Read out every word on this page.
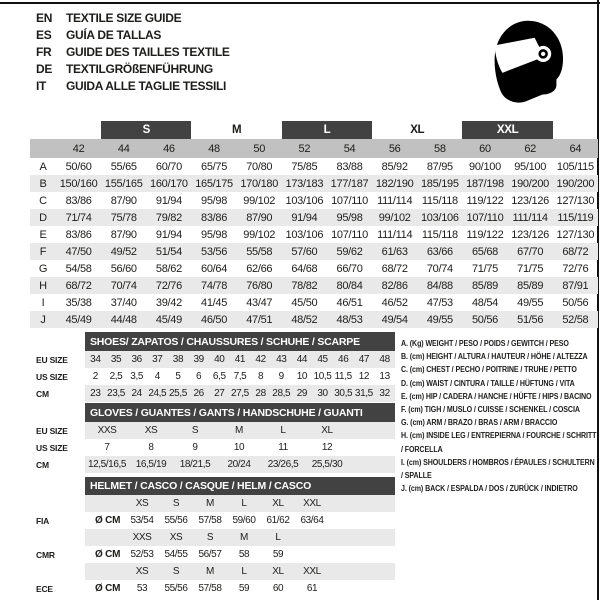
EN	TEXTILE SIZE GUIDE
ES	GUÍA DE TALLAS
FR	GUIDE DES TAILLES TEXTILE
DE	TEXTILGRÖßENFÜHRUNG
IT	GUIDA ALLE TAGLIE TESSILI
		S		M		L		XL		XXL		
	42	44	46	48	50	52	54	56	58	60	62	64
A	50/60	55/65	60/70	65/75	70/80	75/85	83/88	85/92	87/95	90/100	95/100	105/115
B	150/160	155/165	160/170	165/175	170/180	173/183	177/187	182/190	185/195	187/198	190/200	190/200
C	83/86	87/90	91/94	95/98	99/102	103/106	107/110	111/114	115/118	119/122	123/126	127/130
D	71/74	75/78	79/82	83/86	87/90	91/94	95/98	99/102	103/106	107/110	111/114	115/119
E	83/86	87/90	91/94	95/98	99/102	103/106	107/110	111/114	115/118	119/122	123/126	127/130
F	47/50	49/52	51/54	53/56	55/58	57/60	59/62	61/63	63/66	65/68	67/70	68/72
G	54/58	56/60	58/62	60/64	62/66	64/68	66/70	68/72	70/74	71/75	71/75	72/76
H	68/72	70/74	72/76	74/78	76/80	78/82	80/84	82/86	84/88	85/89	85/89	87/91
I	35/38	37/40	39/42	41/45	43/47	45/50	46/51	46/52	47/53	48/54	49/55	50/56
J	45/49	44/48	45/49	46/50	47/51	48/52	48/53	49/54	49/55	50/56	51/56	52/58
	SHOES/ ZAPATOS / CHAUSSURES / SCHUHE / SCARPE														
EU SIZE	34	35	36	37	38	39	40	41	42	43	44	45	46	47	48
US SIZE	2	2,5	3,5	4	5	6	6,5	7,5	8	9	10	10,5	11,5	12	13
CM	23	23,5	24	24,5	25,5	26	27	27,5	28	28,5	29	30	30,5	31,5	32
	GLOVES / GUANTES / GANTS / HANDSCHUHE / GUANTI						
EU SIZE	XXS	XS	S	M	L	XL	
US SIZE	7	8	9	10	11	12	
CM	12,5/16,5	16,5/19	18/21,5	20/24	23/26,5	25,5/30	
	HELMET / CASCO / CASQUE / HELM / CASCO							
		XS	S	M	L	XL	XXL	
FIA	Ø CM	53/54	55/56	57/58	59/60	61/62	63/64	
		XXS	XS	S	M	L		
CMR	Ø CM	52/53	54/55	56/57	58	59		
		XS	S	M	L	XL	XXL	
ECE	Ø CM	53	55/56	57/58	59	60	61	
A. (Kg) WEIGHT / PESO / POIDS / GEWITCH / PESO
B. (cm) HEIGHT / ALTURA / HAUTEUR / HÖHE / ALTEZZA
C. (cm) CHEST / PECHO / POITRINE / TRUHE / PETTO
D. (cm) WAIST / CINTURA / TAILLE / HÜFTUNG / VITA
E. (cm) HIP / CADERA / HANCHE / HÜFTE / HIPS / BACINO
F. (cm) TIGH / MUSLO / CUISSE / SCHENKEL / COSCIA
G. (cm) ARM / BRAZO / BRAS / ARM / BRACCIO
H. (cm) INSIDE LEG / ENTREPIERNA / FOURCHE / SCHRITT / FORCELLA
I. (cm) SHOULDERS / HOMBROS / ÉPAULES / SCHULTERN / SPALLE
J. (cm) BACK / ESPALDA / DOS / ZURÜCK / INDIETRO
